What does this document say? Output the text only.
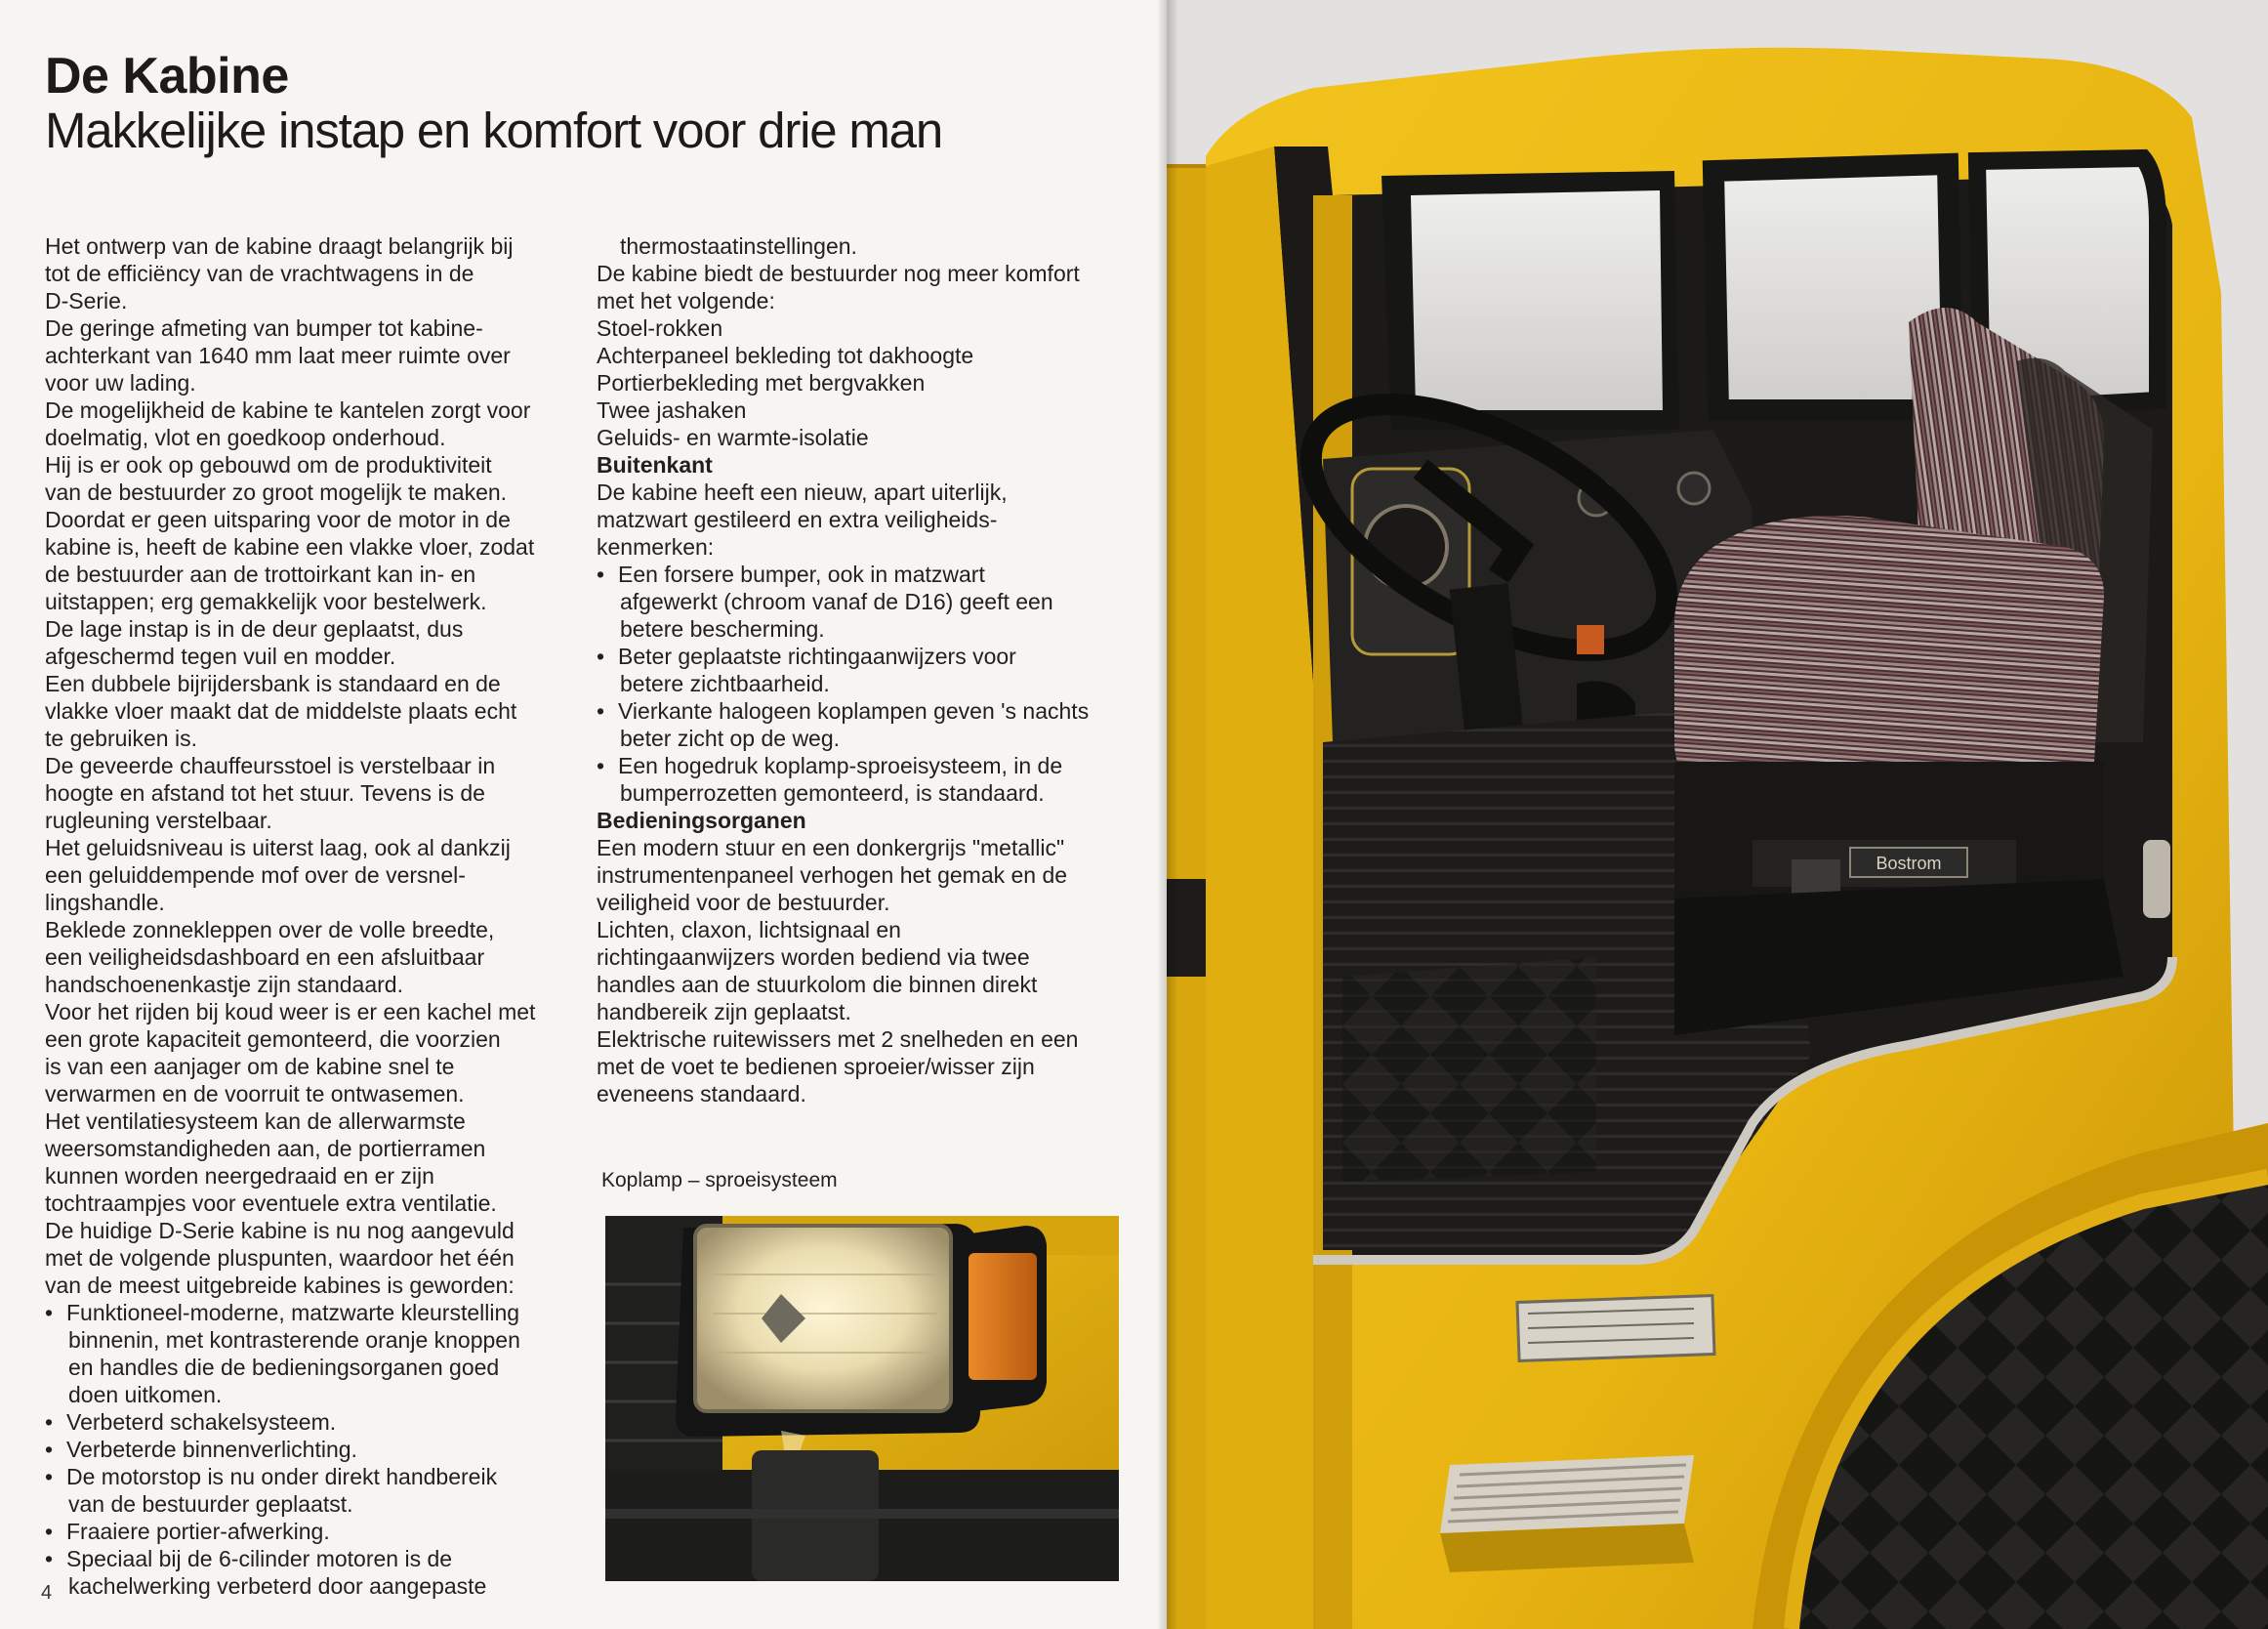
De Kabine
Makkelijke instap en komfort voor drie man
Het ontwerp van de kabine draagt belangrijk bij
tot de efficiëncy van de vrachtwagens in de
D-Serie.
De geringe afmeting van bumper tot kabine-
achterkant van 1640 mm laat meer ruimte over
voor uw lading.
De mogelijkheid de kabine te kantelen zorgt voor
doelmatig, vlot en goedkoop onderhoud.
Hij is er ook op gebouwd om de produktiviteit
van de bestuurder zo groot mogelijk te maken.
Doordat er geen uitsparing voor de motor in de
kabine is, heeft de kabine een vlakke vloer, zodat
de bestuurder aan de trottoirkant kan in- en
uitstappen; erg gemakkelijk voor bestelwerk.
De lage instap is in de deur geplaatst, dus
afgeschermd tegen vuil en modder.
Een dubbele bijrijdersbank is standaard en de
vlakke vloer maakt dat de middelste plaats echt
te gebruiken is.
De geveerde chauffeursstoel is verstelbaar in
hoogte en afstand tot het stuur. Tevens is de
rugleuning verstelbaar.
Het geluidsniveau is uiterst laag, ook al dankzij
een geluiddempende mof over de versnel-
lingshandle.
Beklede zonnekleppen over de volle breedte,
een veiligheidsdashboard en een afsluitbaar
handschoenenkastje zijn standaard.
Voor het rijden bij koud weer is er een kachel met
een grote kapaciteit gemonteerd, die voorzien
is van een aanjager om de kabine snel te
verwarmen en de voorruit te ontwasemen.
Het ventilatiesysteem kan de allerwarmste
weersomstandigheden aan, de portierramen
kunnen worden neergedraaid en er zijn
tochtraampjes voor eventuele extra ventilatie.
De huidige D-Serie kabine is nu nog aangevuld
met de volgende pluspunten, waardoor het één
van de meest uitgebreide kabines is geworden:
• Funktioneel-moderne, matzwarte kleurstelling
binnenin, met kontrasterende oranje knoppen
en handles die de bedieningsorganen goed
doen uitkomen.
• Verbeterd schakelsysteem.
• Verbeterde binnenverlichting.
• De motorstop is nu onder direkt handbereik
van de bestuurder geplaatst.
• Fraaiere portier-afwerking.
• Speciaal bij de 6-cilinder motoren is de
kachelwerking verbeterd door aangepaste
thermostaatinstellingen.
De kabine biedt de bestuurder nog meer komfort
met het volgende:
Stoel-rokken
Achterpaneel bekleding tot dakhoogte
Portierbekleding met bergvakken
Twee jashaken
Geluids- en warmte-isolatie
Buitenkant
De kabine heeft een nieuw, apart uiterlijk,
matzwart gestileerd en extra veiligheids-
kenmerken:
• Een forsere bumper, ook in matzwart
afgewerkt (chroom vanaf de D16) geeft een
betere bescherming.
• Beter geplaatste richtingaanwijzers voor
betere zichtbaarheid.
• Vierkante halogeen koplampen geven 's nachts
beter zicht op de weg.
• Een hogedruk koplamp-sproeisysteem, in de
bumperrozetten gemonteerd, is standaard.
Bedieningsorganen
Een modern stuur en een donkergrijs "metallic"
instrumentenpaneel verhogen het gemak en de
veiligheid voor de bestuurder.
Lichten, claxon, lichtsignaal en
richtingaanwijzers worden bediend via twee
handles aan de stuurkolom die binnen direkt
handbereik zijn geplaatst.
Elektrische ruitewissers met 2 snelheden en een
met de voet te bedienen sproeier/wisser zijn
eveneens standaard.
Koplamp – sproeisysteem
4
Bostrom
